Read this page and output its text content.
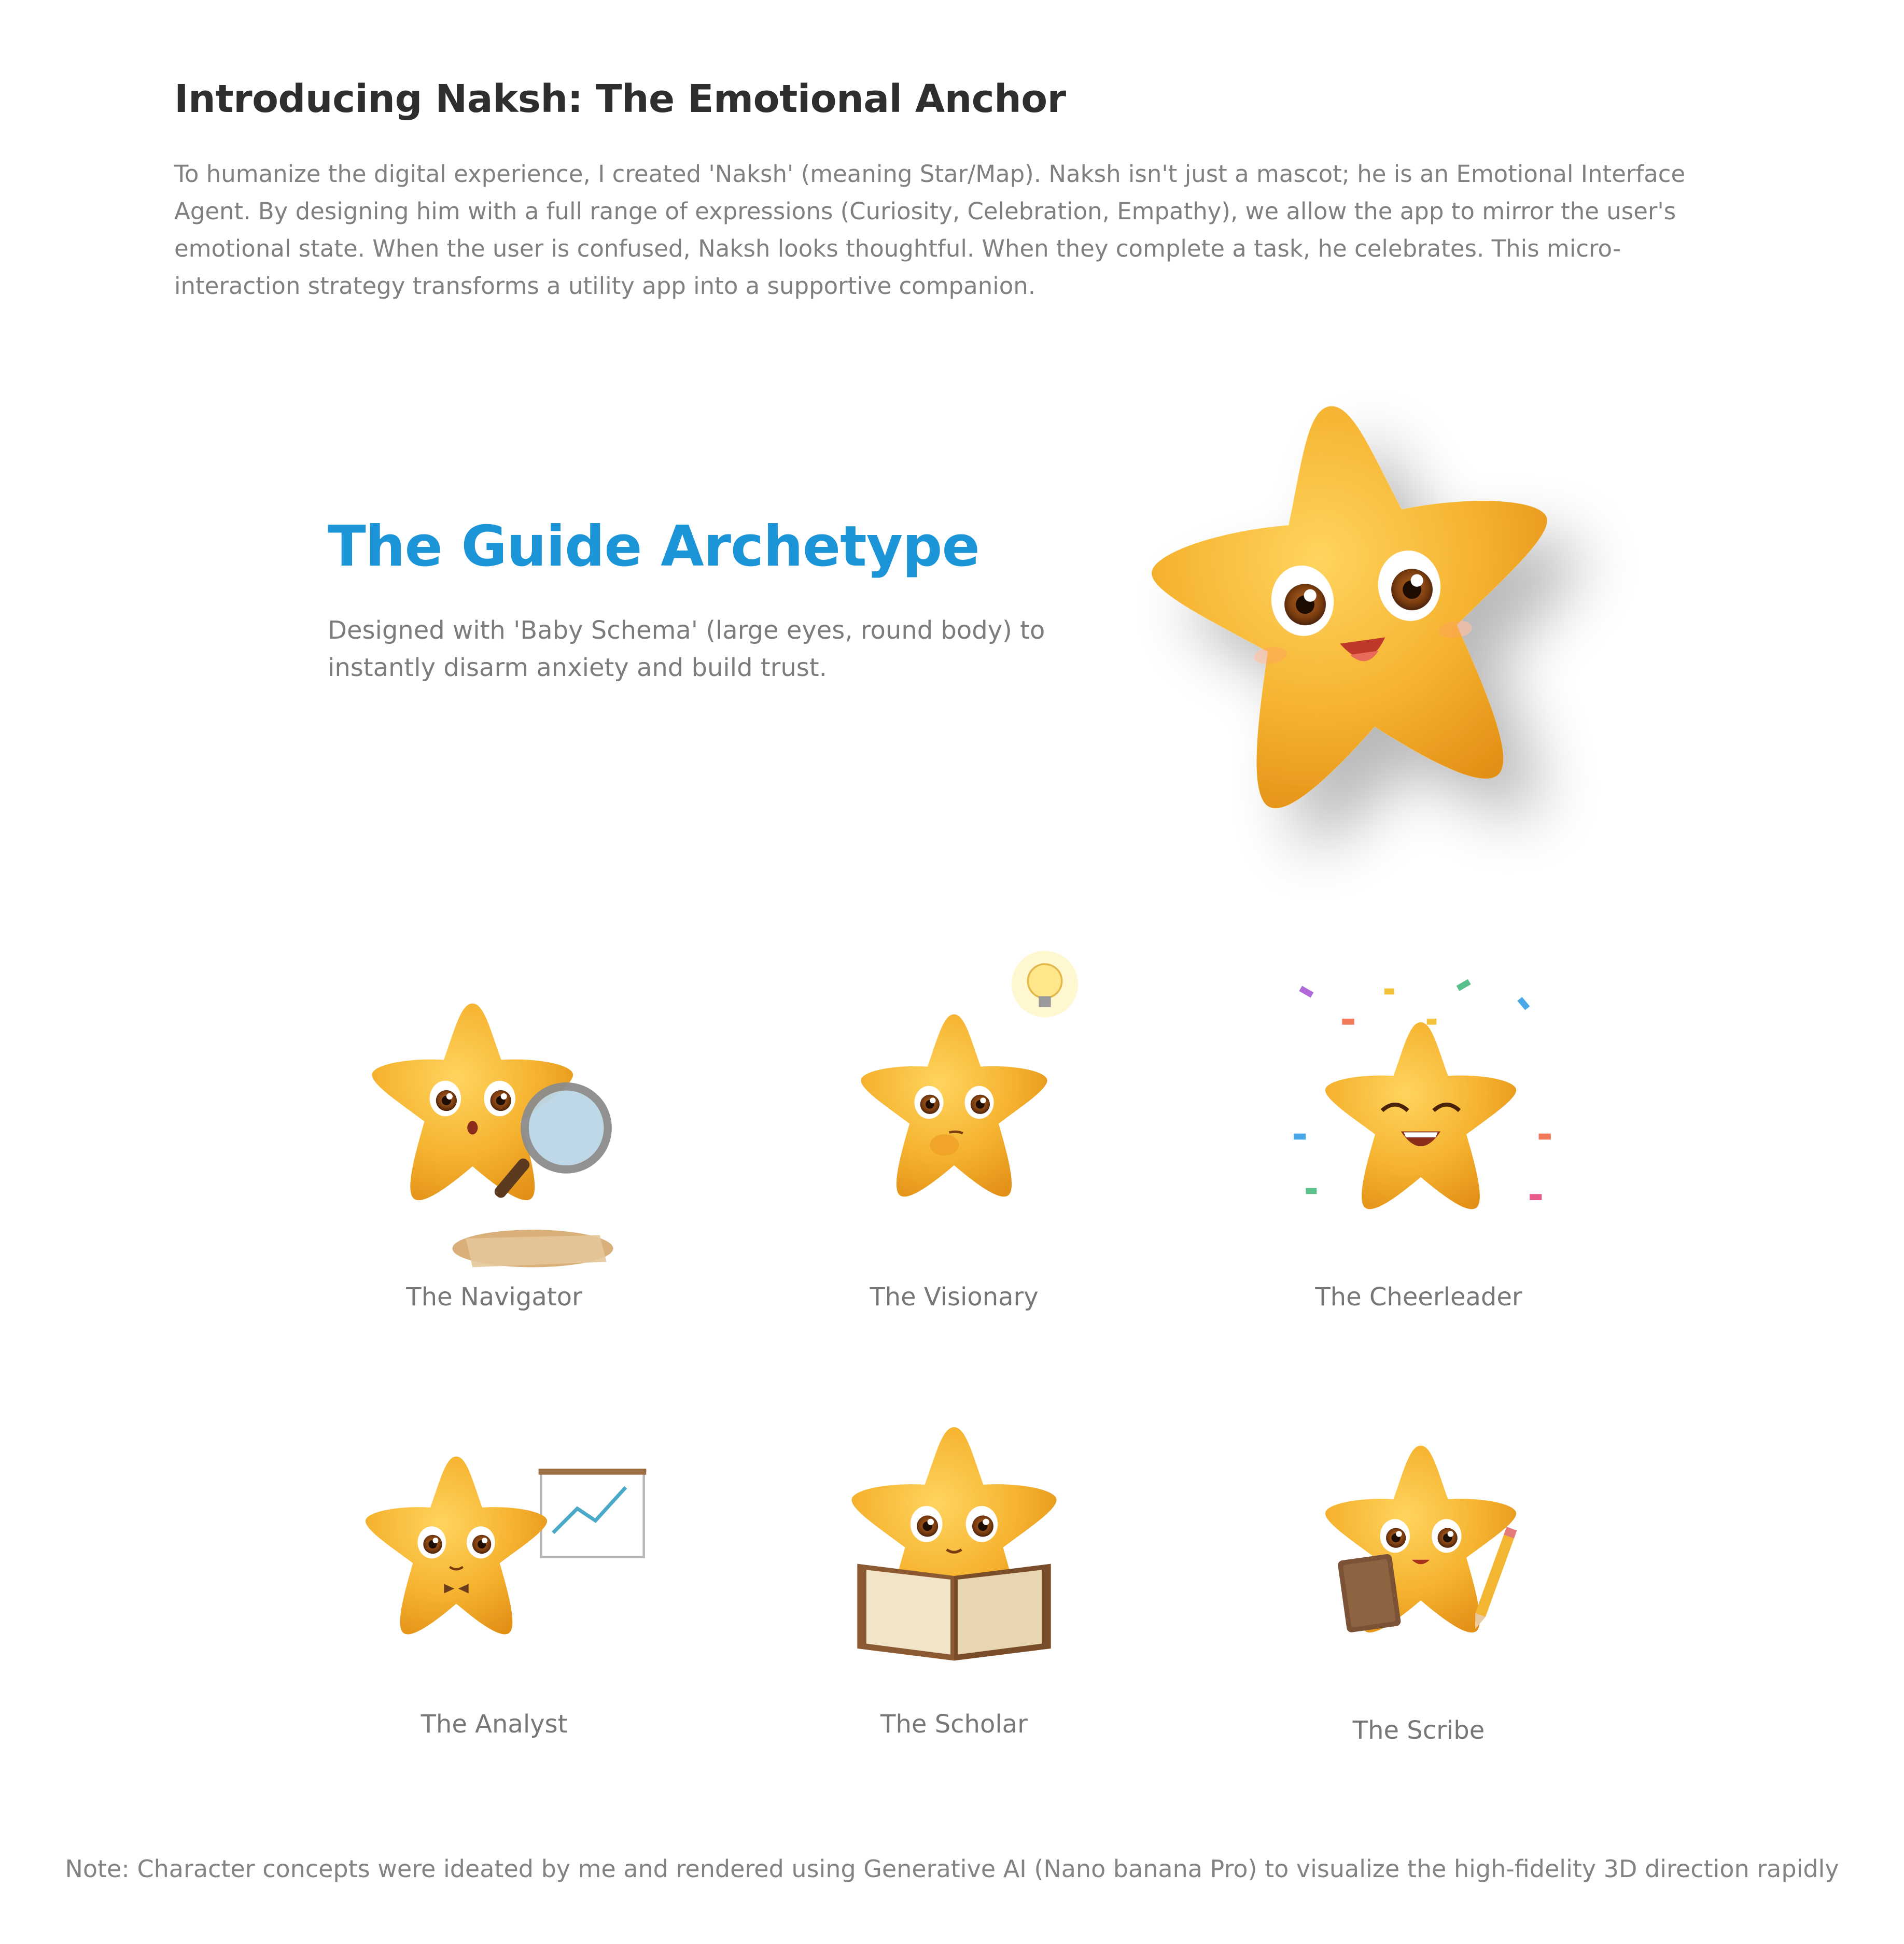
Introducing Naksh: The Emotional Anchor

To humanize the digital experience, I created 'Naksh' (meaning Star/Map). Naksh isn't just a mascot; he is an Emotional Interface Agent. By designing him with a full range of expressions (Curiosity, Celebration, Empathy), we allow the app to mirror the user's emotional state. When the user is confused, Naksh looks thoughtful. When they complete a task, he celebrates. This micro-interaction strategy transforms a utility app into a supportive companion.

The Guide Archetype

Designed with 'Baby Schema' (large eyes, round body) to instantly disarm anxiety and build trust.

The Navigator	The Visionary	The Cheerleader
The Analyst	The Scholar	The Scribe

Note: Character concepts were ideated by me and rendered using Generative AI (Nano banana Pro) to visualize the high-fidelity 3D direction rapidly
